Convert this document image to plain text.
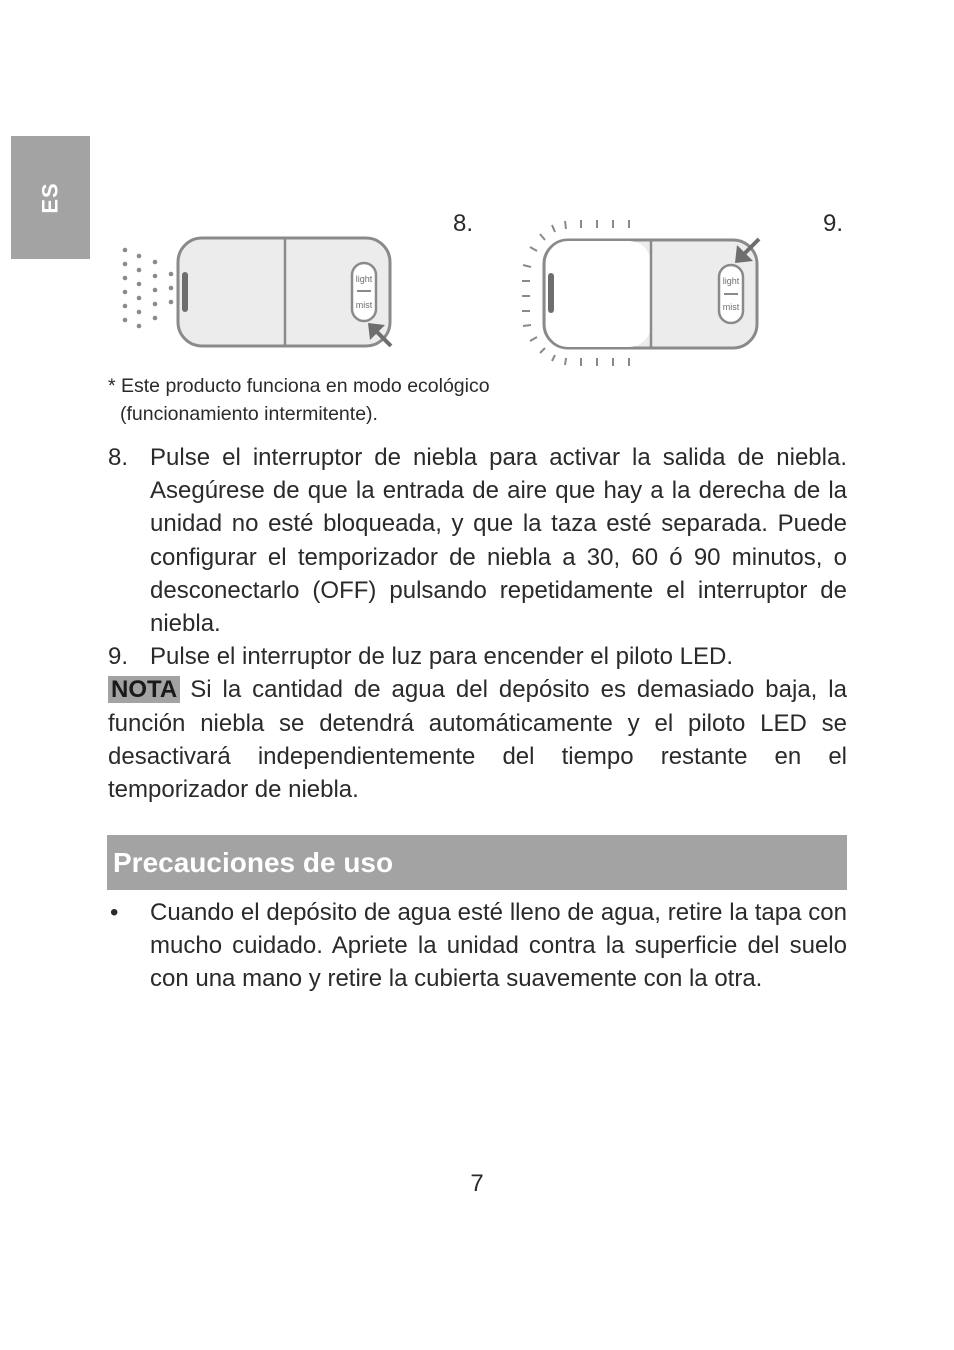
ES
8.
light
mist
9.
light
mist
* Este producto funciona en modo ecológico
(funcionamiento intermitente).
8. Pulse el interruptor de niebla para activar la salida de niebla. Asegúrese de que la entrada de aire que hay a la derecha de la unidad no esté bloqueada, y que la taza esté separada. Puede configurar el temporizador de niebla a 30, 60 ó 90 minutos, o desconectarlo (OFF) pulsando repetidamente el interruptor de niebla.
9. Pulse el interruptor de luz para encender el piloto LED.
NOTA Si la cantidad de agua del depósito es demasiado baja, la función niebla se detendrá automáticamente y el piloto LED se desactivará independientemente del tiempo restante en el temporizador de niebla.
Precauciones de uso
•	Cuando el depósito de agua esté lleno de agua, retire la tapa con mucho cuidado. Apriete la unidad contra la superficie del suelo con una mano y retire la cubierta suavemente con la otra.
7
